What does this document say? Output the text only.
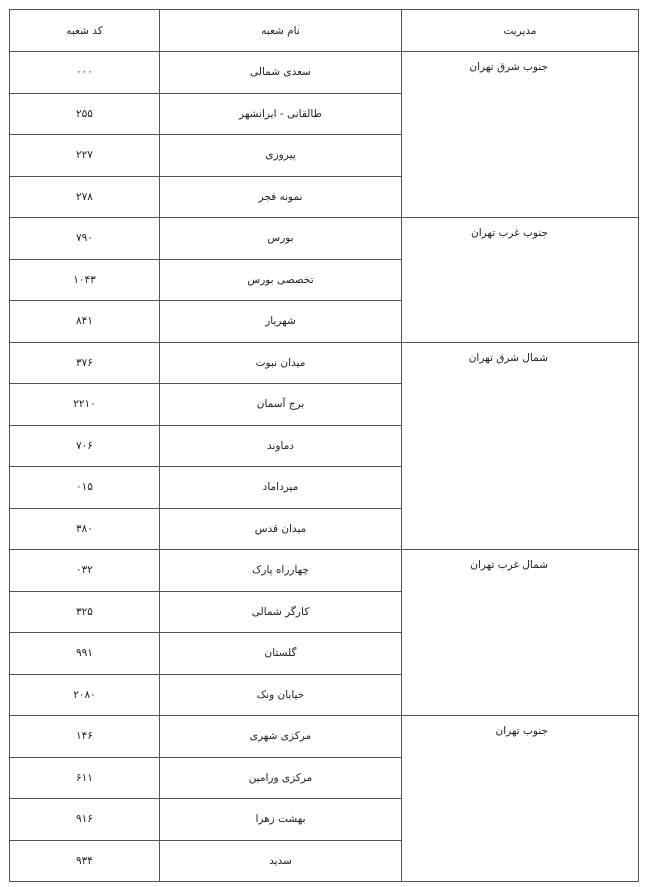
کد شعبه	نام شعبه	مدیریت
۰۰۰	سعدی شمالی	جنوب شرق تهران

۲۵۵	طالقانی - ایرانشهر	
۲۲۷	پیروزی	
۲۷۸	نمونه فجر	
۷۹۰	بورس	جنوب غرب تهران

۱۰۴۳	تخصصی بورس	
۸۴۱	شهریار	
۳۷۶	میدان نبوت	شمال شرق تهران

۲۲۱۰	برج آسمان	
۷۰۶	دماوند	
۰۱۵	میرداماد	
۳۸۰	میدان قدس	
۰۳۲	چهارراه پارک	شمال غرب تهران

۳۲۵	کارگر شمالی	
۹۹۱	گلستان	
۲۰۸۰	خیابان ونک	
۱۴۶	مرکزی شهری	جنوب تهران

۶۱۱	مرکزی ورامین	
۹۱۶	بهشت زهرا	
۹۳۴	سدید	
